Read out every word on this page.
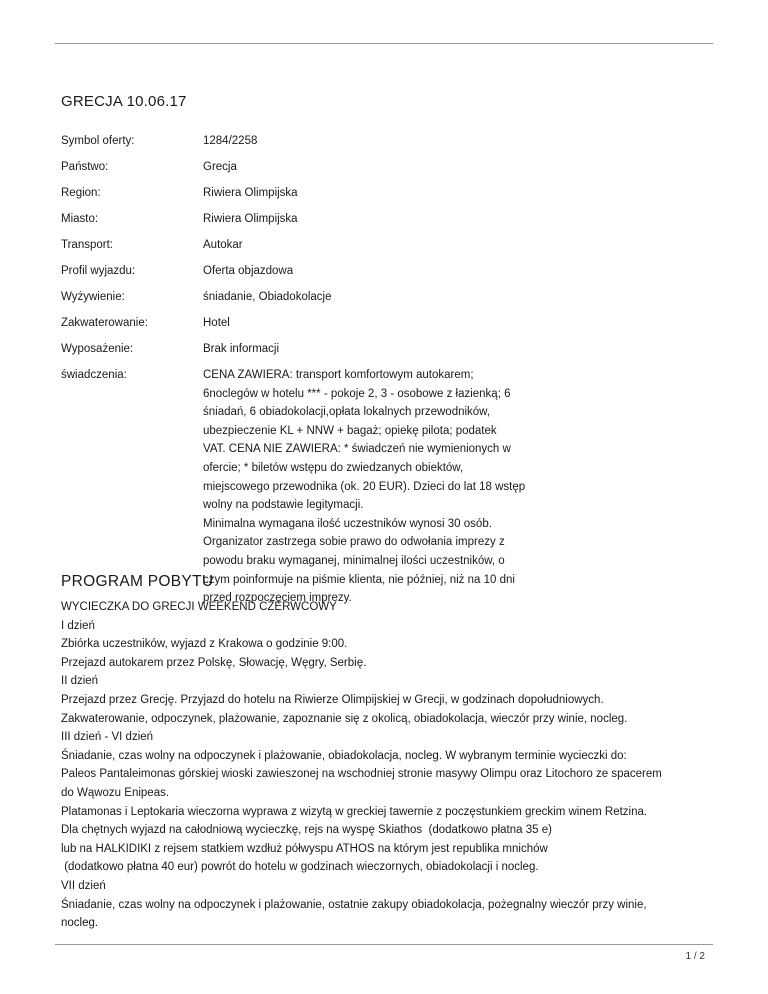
GRECJA 10.06.17
Symbol oferty:	1284/2258
Państwo:	Grecja
Region:	Riwiera Olimpijska
Miasto:	Riwiera Olimpijska
Transport:	Autokar
Profil wyjazdu:	Oferta objazdowa
Wyżywienie:	śniadanie, Obiadokolacje
Zakwaterowanie:	Hotel
Wyposażenie:	Brak informacji
świadczenia:	CENA ZAWIERA: transport komfortowym autokarem;
6noclegów w hotelu *** - pokoje 2, 3 - osobowe z łazienką; 6
śniadań, 6 obiadokolacji,opłata lokalnych przewodników,
ubezpieczenie KL + NNW + bagaż; opiekę pilota; podatek
VAT. CENA NIE ZAWIERA: * świadczeń nie wymienionych w
ofercie; * biletów wstępu do zwiedzanych obiektów,
miejscowego przewodnika (ok. 20 EUR). Dzieci do lat 18 wstęp
wolny na podstawie legitymacji.
Minimalna wymagana ilość uczestników wynosi 30 osób.
Organizator zastrzega sobie prawo do odwołania imprezy z
powodu braku wymaganej, minimalnej ilości uczestników, o
czym poinformuje na piśmie klienta, nie później, niż na 10 dni
przed rozpoczęciem imprezy.
PROGRAM POBYTU
WYCIECZKA DO GRECJI WEEKEND CZERWCOWY
I dzień
Zbiórka uczestników, wyjazd z Krakowa o godzinie 9:00.
Przejazd autokarem przez Polskę, Słowację, Węgry, Serbię.
II dzień
Przejazd przez Grecję. Przyjazd do hotelu na Riwierze Olimpijskiej w Grecji, w godzinach dopołudniowych.
Zakwaterowanie, odpoczynek, plażowanie, zapoznanie się z okolicą, obiadokolacja, wieczór przy winie, nocleg.
III dzień - VI dzień
Śniadanie, czas wolny na odpoczynek i plażowanie, obiadokolacja, nocleg. W wybranym terminie wycieczki do:
Paleos Pantaleimonas górskiej wioski zawieszonej na wschodniej stronie masywy Olimpu oraz Litochoro ze spacerem
do Wąwozu Enipeas.
Platamonas i Leptokaria wieczorna wyprawa z wizytą w greckiej tawernie z poczęstunkiem greckim winem Retzina.
Dla chętnych wyjazd na całodniową wycieczkę, rejs na wyspę Skiathos  (dodatkowo płatna 35 e)
lub na HALKIDIKI z rejsem statkiem wzdłuż półwyspu ATHOS na którym jest republika mnichów
(dodatkowo płatna 40 eur) powrót do hotelu w godzinach wieczornych, obiadokolacji i nocleg.
VII dzień
Śniadanie, czas wolny na odpoczynek i plażowanie, ostatnie zakupy obiadokolacja, pożegnalny wieczór przy winie,
nocleg.
1 / 2
